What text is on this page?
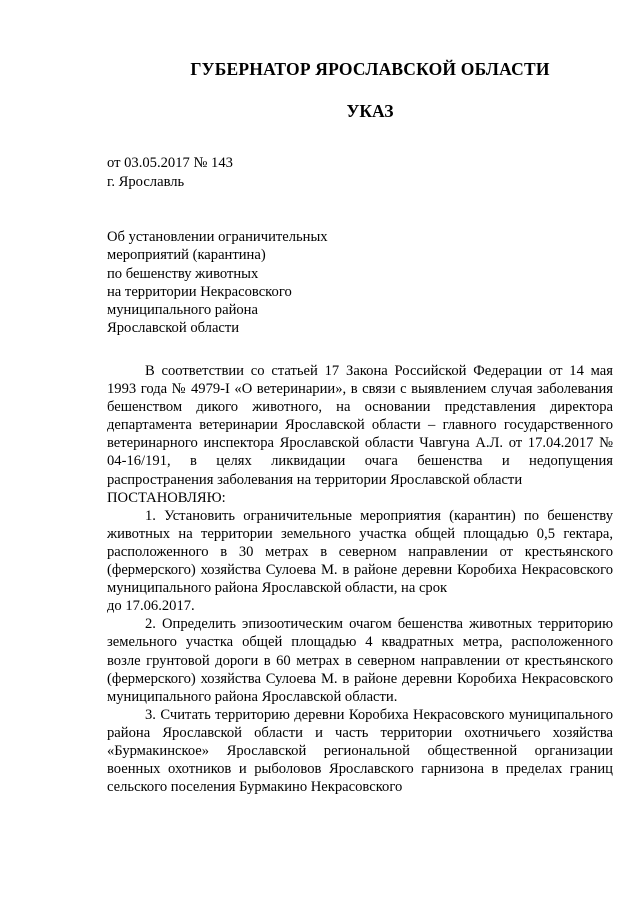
ГУБЕРНАТОР ЯРОСЛАВСКОЙ ОБЛАСТИ
УКАЗ
от 03.05.2017 № 143
г. Ярославль
Об установлении ограничительных
мероприятий (карантина)
по бешенству животных
на территории Некрасовского
муниципального района
Ярославской области

В соответствии со статьей 17 Закона Российской Федерации от 14 мая 1993 года № 4979-I «О ветеринарии», в связи с выявлением случая заболевания бешенством дикого животного, на основании представления директора департамента ветеринарии Ярославской области – главного государственного ветеринарного инспектора Ярославской области Чавгуна А.Л. от 17.04.2017 № 04-16/191, в целях ликвидации очага бешенства и недопущения распространения заболевания на территории Ярославской области

ПОСТАНОВЛЯЮ:

1. Установить ограничительные мероприятия (карантин) по бешенству животных на территории земельного участка общей площадью 0,5 гектара, расположенного в 30 метрах в северном направлении от крестьянского (фермерского) хозяйства Сулоева М. в районе деревни Коробиха Некрасовского муниципального района Ярославской области, на срок

до 17.06.2017.

2. Определить эпизоотическим очагом бешенства животных территорию земельного участка общей площадью 4 квадратных метра, расположенного возле грунтовой дороги в 60 метрах в северном направлении от крестьянского (фермерского) хозяйства Сулоева М. в районе деревни Коробиха Некрасовского муниципального района Ярославской области.

3. Считать территорию деревни Коробиха Некрасовского муниципального района Ярославской области и часть территории охотничьего хозяйства «Бурмакинское» Ярославской региональной общественной организации военных охотников и рыболовов Ярославского гарнизона в пределах границ сельского поселения Бурмакино Некрасовского
